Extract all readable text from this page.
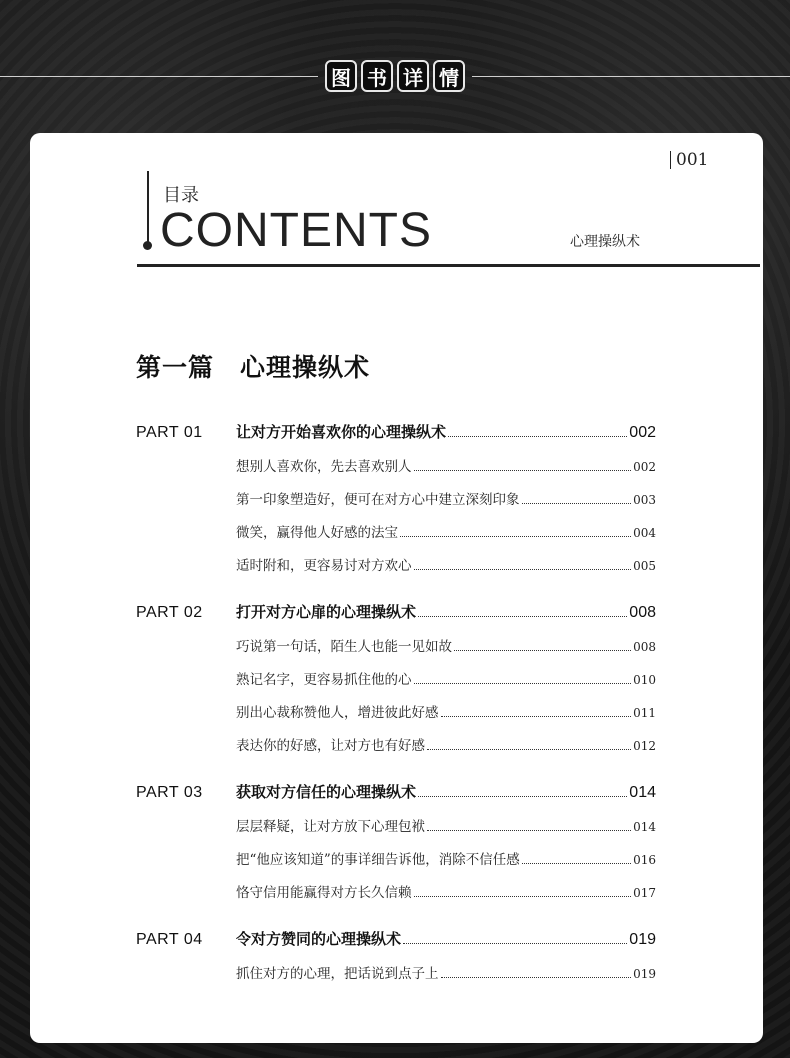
图 书 详 情
001
目录
CONTENTS	心理操纵术
第一篇 心理操纵术
PART 01	让对方开始喜欢你的心理操纵术	002
想别人喜欢你，先去喜欢别人	002
第一印象塑造好，便可在对方心中建立深刻印象	003
微笑，赢得他人好感的法宝	004
适时附和，更容易讨对方欢心	005
PART 02	打开对方心扉的心理操纵术	008
巧说第一句话，陌生人也能一见如故	008
熟记名字，更容易抓住他的心	010
别出心裁称赞他人，增进彼此好感	011
表达你的好感，让对方也有好感	012
PART 03	获取对方信任的心理操纵术	014
层层释疑，让对方放下心理包袱	014
把“他应该知道”的事详细告诉他，消除不信任感	016
恪守信用能赢得对方长久信赖	017
PART 04	令对方赞同的心理操纵术	019
抓住对方的心理，把话说到点子上	019
